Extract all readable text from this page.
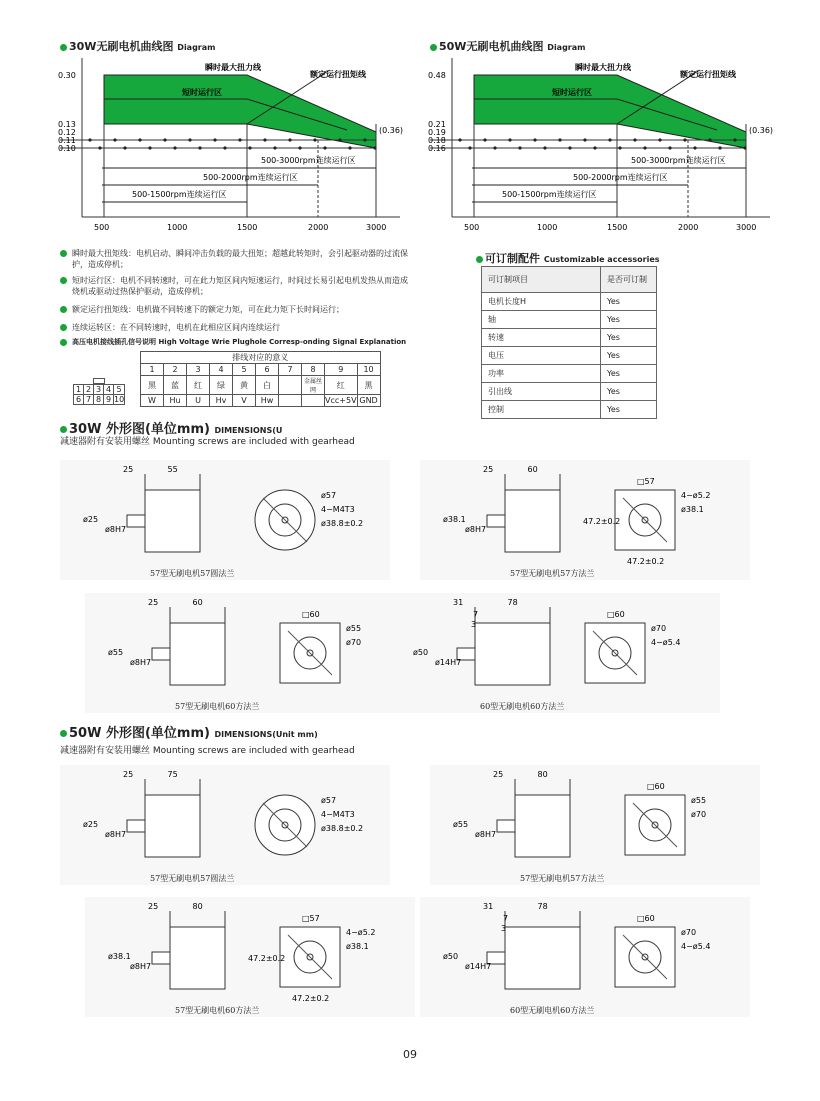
30W无刷电机曲线图 Diagram	50W无刷电机曲线图 Diagram
500-3000rpm连续运行区
500-2000rpm连续运行区
500-1500rpm连续运行区
瞬时最大扭力线
短时运行区
额定运行扭矩线
(0.36)
0.30
0.13
0.12
0.11
0.10
500	1000	1500	2000	3000
500-3000rpm连续运行区
500-2000rpm连续运行区
500-1500rpm连续运行区
瞬时最大扭力线
短时运行区
额定运行扭矩线
(0.36)
0.48
0.21
0.19
0.18
0.16
500	1000	1500	2000	3000
瞬时最大扭矩线：电机启动、瞬间冲击负载的最大扭矩；超越此转矩时，会引起驱动器的过流保护，造成停机；
短时运行区：电机不同转速时，可在此力矩区间内短速运行，时间过长易引起电机发热从而造成烧机或驱动过热保护驱动，造成停机；
额定运行扭矩线：电机做不同转速下的额定力矩，可在此力矩下长时间运行；
连续运转区：在不同转速时，电机在此相应区间内连续运行
高压电机接线插孔信号说明 High Voltage Wrie Plughole Corresp-onding Signal Explanation
1	2	3	4	5
6	7	8	9	10
排线对应的意义									
1	2	3	4	5	6	7	8	9	10
黑	蓝	红	绿	黄	白		金属丝网	红	黑
W	Hu	U	Hv	V	Hw			Vcc+5V	GND
可订制配件 Customizable accessories
可订制项目	是否可订制
电机长度H	Yes
轴	Yes
转速	Yes
电压	Yes
功率	Yes
引出线	Yes
控制	Yes
30W 外形图(单位mm) DIMENSIONS(U
减速器附有安装用螺丝 Mounting screws are included with gearhead
50W 外形图(单位mm) DIMENSIONS(Unit mm)
减速器附有安装用螺丝 Mounting screws are included with gearhead
25	55
ø25
ø8H7
ø57
4−M4T3
ø38.8±0.2
57型无刷电机57圆法兰
25	60
ø38.1
ø8H7
□57
4−ø5.2
ø38.1
47.2±0.2
47.2±0.2
57型无刷电机57方法兰
25	60
ø55
ø8H7
□60
ø55
ø70
57型无刷电机60方法兰
31	78
7
3
ø50
ø14H7
□60
ø70
4−ø5.4
60型无刷电机60方法兰
25	75
ø25
ø8H7
ø57
4−M4T3
ø38.8±0.2
57型无刷电机57圆法兰
25	80
ø55
ø8H7
□60
ø55
ø70
57型无刷电机57方法兰
25	80
ø38.1
ø8H7
□57
4−ø5.2
ø38.1
47.2±0.2
47.2±0.2
57型无刷电机60方法兰
31	78
7
3
ø50
ø14H7
□60
ø70
4−ø5.4
60型无刷电机60方法兰
09
